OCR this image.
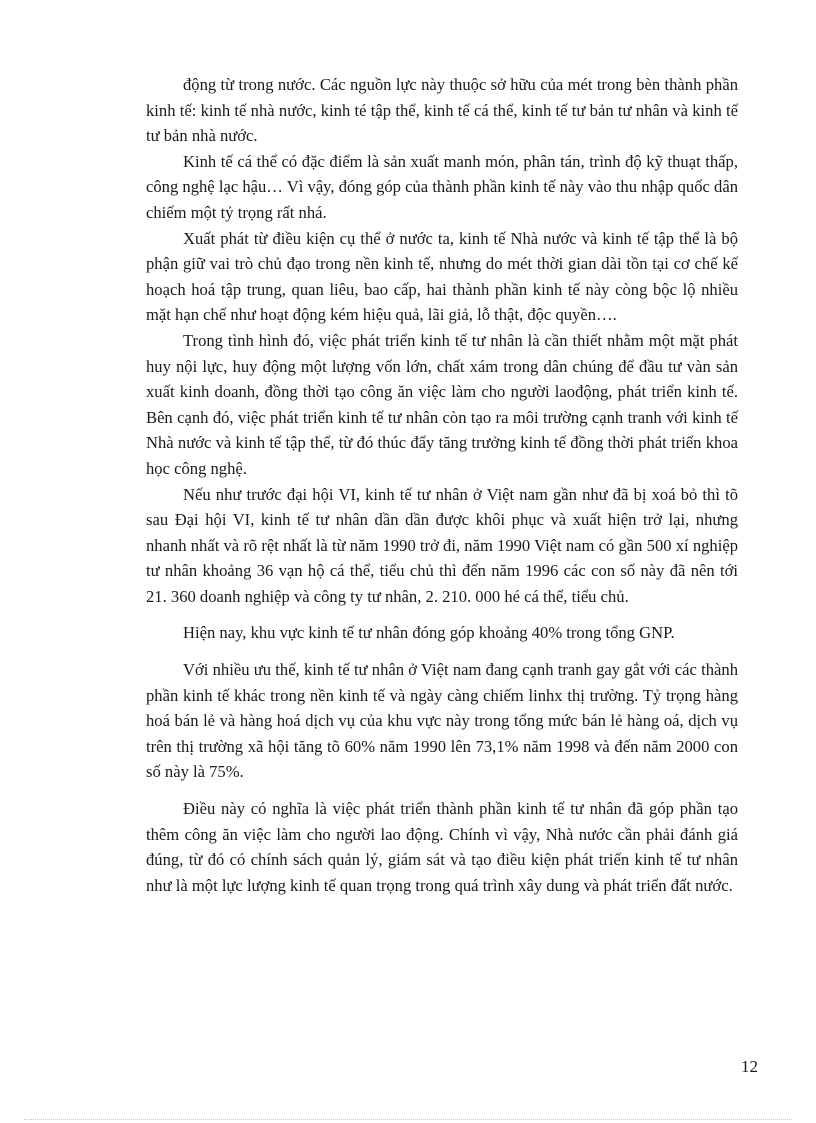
động từ trong nước. Các nguồn lực này thuộc sở hữu của mét trong bèn thành phần kinh tế: kinh tế nhà nước, kinh té tập thể, kinh tế cá thể, kinh tế tư bản tư nhân và kinh tế tư bản nhà nước.

Kinh tế cá thể có đặc điểm là sản xuất manh món, phân tán, trình độ kỹ thuạt thấp, công nghệ lạc hậu… Vì vậy, đóng góp của thành phần kinh tế này vào thu nhập quốc dân chiếm một tỷ trọng rất nhá.

Xuất phát từ điều kiện cụ thể ở nước ta, kinh tế Nhà nước và kinh tế tập thể là bộ phận giữ vai trò chủ đạo trong nền kinh tế, nhưng do mét thời gian dài tồn tại cơ chế kế hoạch hoá tập trung, quan liêu, bao cấp, hai thành phần kinh tế này còng bộc lộ nhiều mặt hạn chế như hoạt động kém hiệu quả, lãi giả, lỗ thật, độc quyền….

Trong tình hình đó, việc phát triển kinh tế tư nhân là cần thiết nhằm một mặt phát huy nội lực, huy động một lượng vốn lớn, chất xám trong dân chúng để đầu tư vàn sản xuất kinh doanh, đồng thời tạo công ăn việc làm cho người laođộng, phát triển kinh tế. Bên cạnh đó, việc phát triển kinh tế tư nhân còn tạo ra môi trường cạnh tranh với kinh tế Nhà nước và kinh tế tập thể, từ đó thúc đẩy tăng trưởng kinh tế đồng thời phát triển khoa học công nghệ.

Nếu như trước đại hội VI, kinh tế tư nhân ở Việt nam gần như đã bị xoá bỏ thì tõ sau Đại hội VI, kinh tế tư nhân dần dần được khôi phục và xuất hiện trở lại, nhưng nhanh nhất và rõ rệt nhất là từ năm 1990 trở đi, năm 1990 Việt nam có gần 500 xí nghiệp tư nhân khoảng 36 vạn hộ cá thể, tiểu chủ thì đến năm 1996 các con số này đã nên tới 21. 360 doanh nghiệp và công ty tư nhân, 2. 210. 000 hé cá thể, tiểu chủ.

Hiện nay, khu vực kinh tế tư nhân đóng góp khoảng 40% trong tổng GNP.

Với nhiều ưu thế, kinh tế tư nhân ở Việt nam đang cạnh tranh gay gắt với các thành phần kinh tế khác trong nền kinh tế và ngày càng chiếm linhx thị trường. Tỷ trọng hàng hoá bán lẻ và hàng hoá dịch vụ của khu vực này trong tổng mức bán lẻ hàng oá, dịch vụ trên thị trường xã hội tăng tõ 60% năm 1990 lên 73,1% năm 1998 và đến năm 2000 con số này là 75%.

Điều này có nghĩa là việc phát triển thành phần kinh tế tư nhân đã góp phần tạo thêm công ăn việc làm cho người lao động. Chính vì vậy, Nhà nước cần phải đánh giá đúng, từ đó có chính sách quản lý, giám sát và tạo điều kiện phát triển kinh tế tư nhân như là một lực lượng kinh tế quan trọng trong quá trình xây dung và phát triển đất nước.

12
